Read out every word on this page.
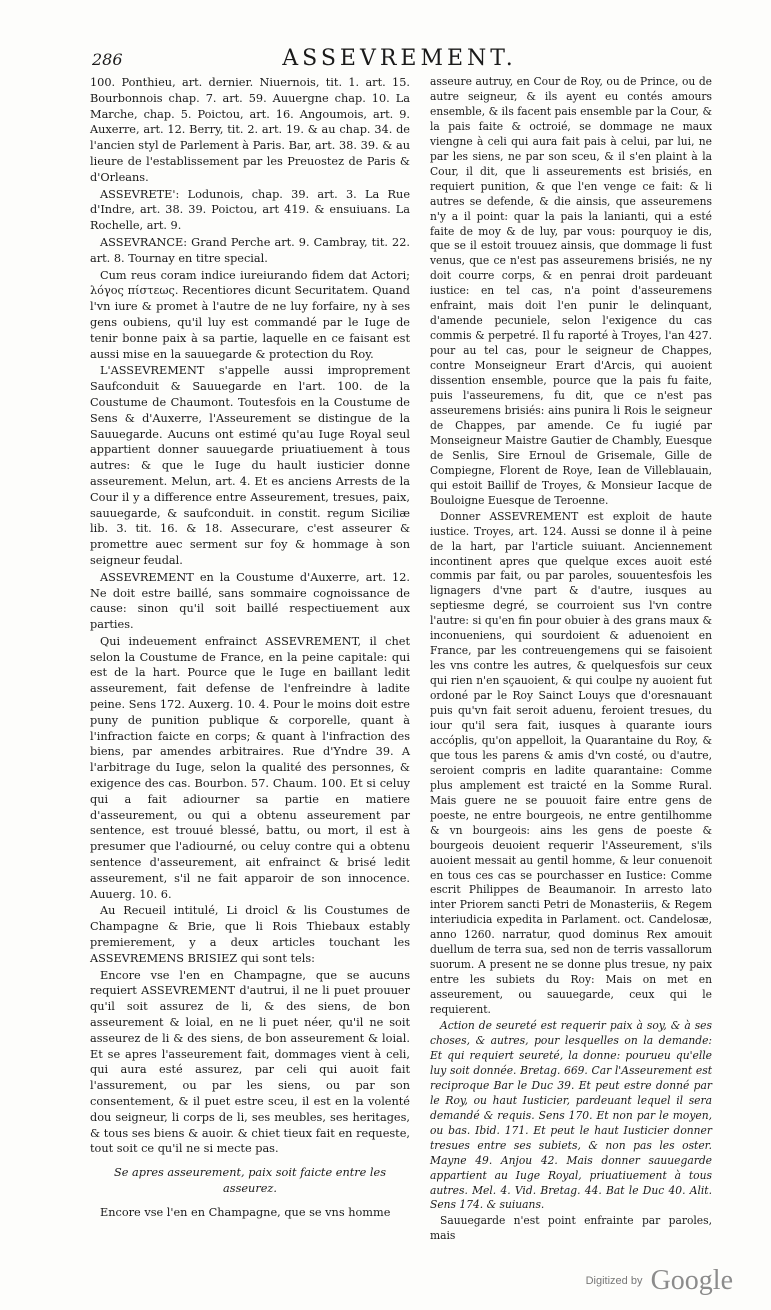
286	ASSEVREMENT.

100. Ponthieu, art. dernier. Niuernois, tit. 1. art. 15. Bourbonnois chap. 7. art. 59. Auuergne chap. 10. La Marche, chap. 5. Poictou, art. 16. Angoumois, art. 9. Auxerre, art. 12. Berry, tit. 2. art. 19. & au chap. 34. de l'ancien styl de Parlement à Paris. Bar, art. 38. 39. & au lieure de l'establissement par les Preuostez de Paris & d'Orleans.

ASSEVRETE': Lodunois, chap. 39. art. 3. La Rue d'Indre, art. 38. 39. Poictou, art 419. & ensuiuans. La Rochelle, art. 9.

ASSEVRANCE: Grand Perche art. 9. Cambray, tit. 22. art. 8. Tournay en titre special.

Cum reus coram indice iureiurando fidem dat Actori; λόγος πίστεως. Recentiores dicunt Securitatem. Quand l'vn iure & promet à l'autre de ne luy forfaire, ny à ses gens oubiens, qu'il luy est commandé par le Iuge de tenir bonne paix à sa partie, laquelle en ce faisant est aussi mise en la sauuegarde & protection du Roy.

L'ASSEVREMENT s'appelle aussi improprement Saufconduit & Sauuegarde en l'art. 100. de la Coustume de Chaumont. Toutesfois en la Coustume de Sens & d'Auxerre, l'Asseurement se distingue de la Sauuegarde. Aucuns ont estimé qu'au Iuge Royal seul appartient donner sauuegarde priuatiuement à tous autres: & que le Iuge du hault iusticier donne asseurement. Melun, art. 4. Et es anciens Arrests de la Cour il y a difference entre Asseurement, tresues, paix, sauuegarde, & saufconduit. in constit. regum Siciliæ lib. 3. tit. 16. & 18. Assecurare, c'est asseurer & promettre auec serment sur foy & hommage à son seigneur feudal.

ASSEVREMENT en la Coustume d'Auxerre, art. 12. Ne doit estre baillé, sans sommaire cognoissance de cause: sinon qu'il soit baillé respectiuement aux parties.

Qui indeuement enfrainct ASSEVREMENT, il chet selon la Coustume de France, en la peine capitale: qui est de la hart. Pource que le Iuge en baillant ledit asseurement, fait defense de l'enfreindre à ladite peine. Sens 172. Auxerg. 10. 4. Pour le moins doit estre puny de punition publique & corporelle, quant à l'infraction faicte en corps; & quant à l'infraction des biens, par amendes arbitraires. Rue d'Yndre 39. A l'arbitrage du Iuge, selon la qualité des personnes, & exigence des cas. Bourbon. 57. Chaum. 100. Et si celuy qui a fait adiourner sa partie en matiere d'asseurement, ou qui a obtenu asseurement par sentence, est trouué blessé, battu, ou mort, il est à presumer que l'adiourné, ou celuy contre qui a obtenu sentence d'asseurement, ait enfrainct & brisé ledit asseurement, s'il ne fait apparoir de son innocence. Auuerg. 10. 6.

Au Recueil intitulé, Li droicl & lis Coustumes de Champagne & Brie, que li Rois Thiebaux estably premierement, y a deux articles touchant les ASSEVREMENS BRISIEZ qui sont tels:

Encore vse l'en en Champagne, que se aucuns requiert ASSEVREMENT d'autrui, il ne li puet prouuer qu'il soit assurez de li, & des siens, de bon asseurement & loial, en ne li puet néer, qu'il ne soit asseurez de li & des siens, de bon asseurement & loial. Et se apres l'asseurement fait, dommages vient à celi, qui aura esté assurez, par celi qui auoit fait l'assurement, ou par les siens, ou par son consentement, & il puet estre sceu, il est en la volenté dou seigneur, li corps de li, ses meubles, ses heritages, & tous ses biens & auoir. & chiet tieux fait en requeste, tout soit ce qu'il ne si mecte pas.

Se apres asseurement, paix soit faicte entre les asseurez.

Encore vse l'en en Champagne, que se vns homme

asseure autruy, en Cour de Roy, ou de Prince, ou de autre seigneur, & ils ayent eu contés amours ensemble, & ils facent pais ensemble par la Cour, & la pais faite & octroié, se dommage ne maux viengne à celi qui aura fait pais à celui, par lui, ne par les siens, ne par son sceu, & il s'en plaint à la Cour, il dit, que li asseurements est brisiés, en requiert punition, & que l'en venge ce fait: & li autres se defende, & die ainsis, que asseuremens n'y a il point: quar la pais la lanianti, qui a esté faite de moy & de luy, par vous: pourquoy ie dis, que se il estoit trouuez ainsis, que dommage li fust venus, que ce n'est pas asseuremens brisiés, ne ny doit courre corps, & en penrai droit pardeuant iustice: en tel cas, n'a point d'asseuremens enfraint, mais doit l'en punir le delinquant, d'amende pecuniele, selon l'exigence du cas commis & perpetré. Il fu raporté à Troyes, l'an 427. pour au tel cas, pour le seigneur de Chappes, contre Monseigneur Erart d'Arcis, qui auoient dissention ensemble, pource que la pais fu faite, puis l'asseuremens, fu dit, que ce n'est pas asseuremens brisiés: ains punira li Rois le seigneur de Chappes, par amende. Ce fu iugié par Monseigneur Maistre Gautier de Chambly, Euesque de Senlis, Sire Ernoul de Grisemale, Gille de Compiegne, Florent de Roye, Iean de Villeblauain, qui estoit Baillif de Troyes, & Monsieur Iacque de Bouloigne Euesque de Teroenne.

Donner ASSEVREMENT est exploit de haute iustice. Troyes, art. 124. Aussi se donne il à peine de la hart, par l'article suiuant. Anciennement incontinent apres que quelque exces auoit esté commis par fait, ou par paroles, souuentesfois les lignagers d'vne part & d'autre, iusques au septiesme degré, se courroient sus l'vn contre l'autre: si qu'en fin pour obuier à des grans maux & inconueniens, qui sourdoient & aduenoient en France, par les contreuengemens qui se faisoient les vns contre les autres, & quelquesfois sur ceux qui rien n'en sçauoient, & qui coulpe ny auoient fut ordoné par le Roy Sainct Louys que d'oresnauant puis qu'vn fait seroit aduenu, feroient tresues, du iour qu'il sera fait, iusques à quarante iours accóplis, qu'on appelloit, la Quarantaine du Roy, & que tous les parens & amis d'vn costé, ou d'autre, seroient compris en ladite quarantaine: Comme plus amplement est traicté en la Somme Rural. Mais guere ne se pouuoit faire entre gens de poeste, ne entre bourgeois, ne entre gentilhomme & vn bourgeois: ains les gens de poeste & bourgeois deuoient requerir l'Asseurement, s'ils auoient messait au gentil homme, & leur conuenoit en tous ces cas se pourchasser en Iustice: Comme escrit Philippes de Beaumanoir. In arresto lato inter Priorem sancti Petri de Monasteriis, & Regem interiudicia expedita in Parlament. oct. Candelosæ, anno 1260. narratur, quod dominus Rex amouit duellum de terra sua, sed non de terris vassallorum suorum. A present ne se donne plus tresue, ny paix entre les subiets du Roy: Mais on met en asseurement, ou sauuegarde, ceux qui le requierent.

Action de seureté est requerir paix à soy, & à ses choses, & autres, pour lesquelles on la demande: Et qui requiert seureté, la donne: pourueu qu'elle luy soit donnée. Bretag. 669. Car l'Asseurement est reciproque Bar le Duc 39. Et peut estre donné par le Roy, ou haut Iusticier, pardeuant lequel il sera demandé & requis. Sens 170. Et non par le moyen, ou bas. Ibid. 171. Et peut le haut Iusticier donner tresues entre ses subiets, & non pas les oster. Mayne 49. Anjou 42. Mais donner sauuegarde appartient au Iuge Royal, priuatiuement à tous autres. Mel. 4. Vid. Bretag. 44. Bat le Duc 40. Alit. Sens 174. & suiuans.

Sauuegarde n'est point enfrainte par paroles, mais

Digitized by Google
